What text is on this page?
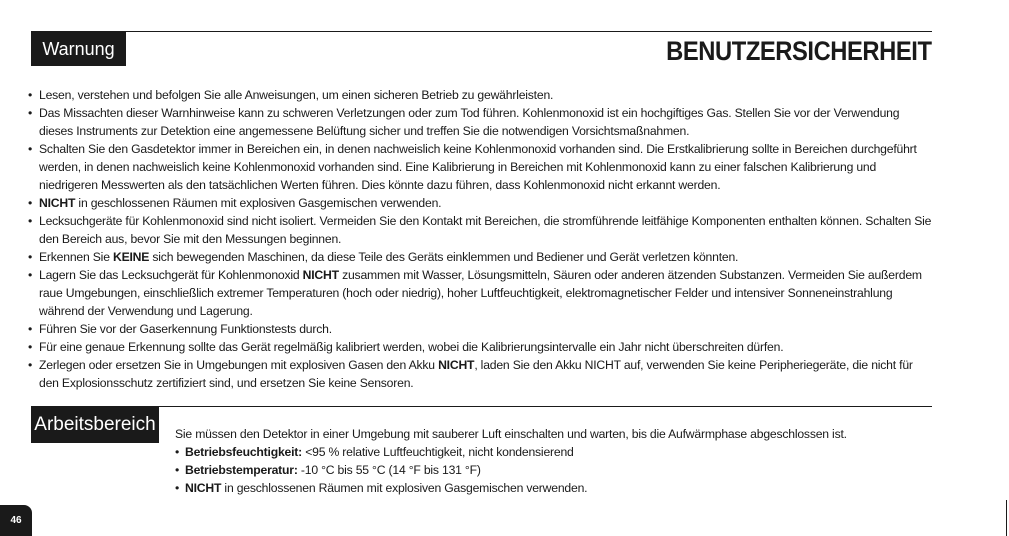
Warnung	BENUTZERSICHERHEIT
• Lesen, verstehen und befolgen Sie alle Anweisungen, um einen sicheren Betrieb zu gewährleisten.
• Das Missachten dieser Warnhinweise kann zu schweren Verletzungen oder zum Tod führen. Kohlenmonoxid ist ein hochgiftiges Gas. Stellen Sie vor der Verwendung dieses Instruments zur Detektion eine angemessene Belüftung sicher und treffen Sie die notwendigen Vorsichtsmaßnahmen.
• Schalten Sie den Gasdetektor immer in Bereichen ein, in denen nachweislich keine Kohlenmonoxid vorhanden sind. Die Erstkalibrierung sollte in Bereichen durchgeführt werden, in denen nachweislich keine Kohlenmonoxid vorhanden sind. Eine Kalibrierung in Bereichen mit Kohlenmonoxid kann zu einer falschen Kalibrierung und niedrigeren Messwerten als den tatsächlichen Werten führen. Dies könnte dazu führen, dass Kohlenmonoxid nicht erkannt werden.
• NICHT in geschlossenen Räumen mit explosiven Gasgemischen verwenden.
• Lecksuchgeräte für Kohlenmonoxid sind nicht isoliert. Vermeiden Sie den Kontakt mit Bereichen, die stromführende leitfähige Komponenten enthalten können. Schalten Sie den Bereich aus, bevor Sie mit den Messungen beginnen.
• Erkennen Sie KEINE sich bewegenden Maschinen, da diese Teile des Geräts einklemmen und Bediener und Gerät verletzen könnten.
• Lagern Sie das Lecksuchgerät für Kohlenmonoxid NICHT zusammen mit Wasser, Lösungsmitteln, Säuren oder anderen ätzenden Substanzen. Vermeiden Sie außerdem raue Umgebungen, einschließlich extremer Temperaturen (hoch oder niedrig), hoher Luftfeuchtigkeit, elektromagnetischer Felder und intensiver Sonneneinstrahlung während der Verwendung und Lagerung.
• Führen Sie vor der Gaserkennung Funktionstests durch.
• Für eine genaue Erkennung sollte das Gerät regelmäßig kalibriert werden, wobei die Kalibrierungsintervalle ein Jahr nicht überschreiten dürfen.
• Zerlegen oder ersetzen Sie in Umgebungen mit explosiven Gasen den Akku NICHT, laden Sie den Akku NICHT auf, verwenden Sie keine Peripheriegeräte, die nicht für den Explosionsschutz zertifiziert sind, und ersetzen Sie keine Sensoren.
Arbeitsbereich Sie müssen den Detektor in einer Umgebung mit sauberer Luft einschalten und warten, bis die Aufwärmphase abgeschlossen ist.

• Betriebsfeuchtigkeit: <95 % relative Luftfeuchtigkeit, nicht kondensierend
• Betriebstemperatur: -10 °C bis 55 °C (14 °F bis 131 °F)
• NICHT in geschlossenen Räumen mit explosiven Gasgemischen verwenden.
46
